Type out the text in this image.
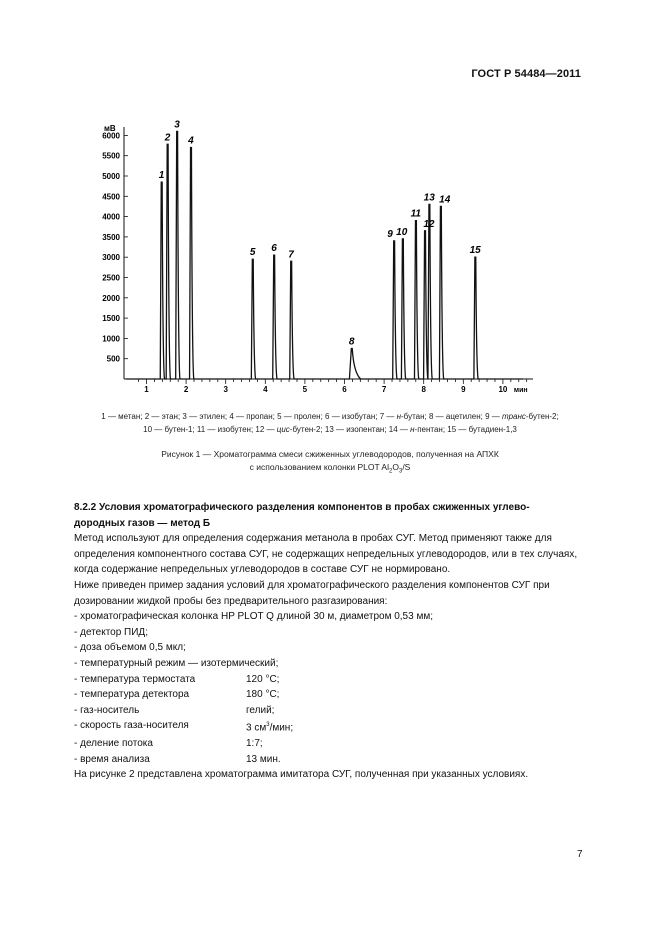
ГОСТ Р 54484—2011
500
1000
1500
2000
2500
3000
3500
4000
4500
5000
5500
6000
1	2	3	4	5	6	7	8	9	10
1
2
3
4
5 6
7
8
9 10
11
12
13 14
15
мВ
мин
1 — метан; 2 — этан; 3 — этилен; 4 — пропан; 5 — пролен; 6 — изобутан; 7 — н-бутан; 8 — ацетилен; 9 — транс-бутен-2;
10 — бутен-1; 11 — изобутен; 12 — цис-бутен-2; 13 — изопентан; 14 — н-пентан; 15 — бутадиен-1,3
Рисунок 1 — Хроматограмма смеси сжиженных углеводородов, полученная на АПХК
с использованием колонки PLOT $Al_2O_3/S$

8.2.2 Условия хроматографического разделения компонентов в пробах сжиженных углево-
дородных газов — метод Б

Метод используют для определения содержания метанола в пробах СУГ. Метод применяют также для определения компонентного состава СУГ, не содержащих непредельных углеводородов, или в тех случаях, когда содержание непредельных углеводородов в составе СУГ не нормировано.

Ниже приведен пример задания условий для хроматографического разделения компонентов СУГ при дозировании жидкой пробы без предварительного разгазирования:

- хроматографическая колонка HP PLOT Q длиной 30 м, диаметром 0,53 мм;

- детектор ПИД;

- доза объемом 0,5 мкл;

- температурный режим — изотермический;

- температура термостата	120 °С;
- температура детектора	180 °С;
- газ-носитель	гелий;
- скорость газа-носителя	3 $см^3$/мин;
- деление потока	1:7;
- время анализа	13 мин.

На рисунке 2 представлена хроматограмма имитатора СУГ, полученная при указанных условиях.

7
